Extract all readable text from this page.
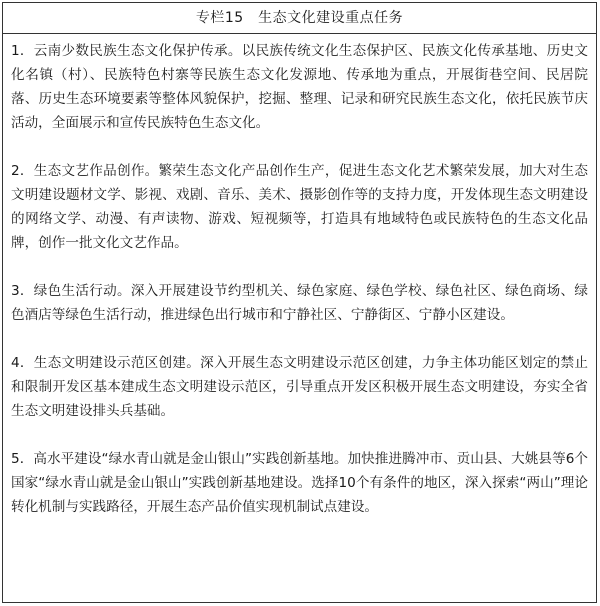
专栏15　生态文化建设重点任务

1．云南少数民族生态文化保护传承。以民族传统文化生态保护区、民族文化传承基地、历史文化名镇（村）、民族特色村寨等民族生态文化发源地、传承地为重点，开展街巷空间、民居院落、历史生态环境要素等整体风貌保护，挖掘、整理、记录和研究民族生态文化，依托民族节庆活动，全面展示和宣传民族特色生态文化。

2．生态文艺作品创作。繁荣生态文化产品创作生产，促进生态文化艺术繁荣发展，加大对生态文明建设题材文学、影视、戏剧、音乐、美术、摄影创作等的支持力度，开发体现生态文明建设的网络文学、动漫、有声读物、游戏、短视频等，打造具有地域特色或民族特色的生态文化品牌，创作一批文化文艺作品。

3．绿色生活行动。深入开展建设节约型机关、绿色家庭、绿色学校、绿色社区、绿色商场、绿色酒店等绿色生活行动，推进绿色出行城市和宁静社区、宁静街区、宁静小区建设。

4．生态文明建设示范区创建。深入开展生态文明建设示范区创建，力争主体功能区划定的禁止和限制开发区基本建成生态文明建设示范区，引导重点开发区积极开展生态文明建设，夯实全省生态文明建设排头兵基础。

5．高水平建设“绿水青山就是金山银山”实践创新基地。加快推进腾冲市、贡山县、大姚县等6个国家“绿水青山就是金山银山”实践创新基地建设。选择10个有条件的地区，深入探索“两山”理论转化机制与实践路径，开展生态产品价值实现机制试点建设。
